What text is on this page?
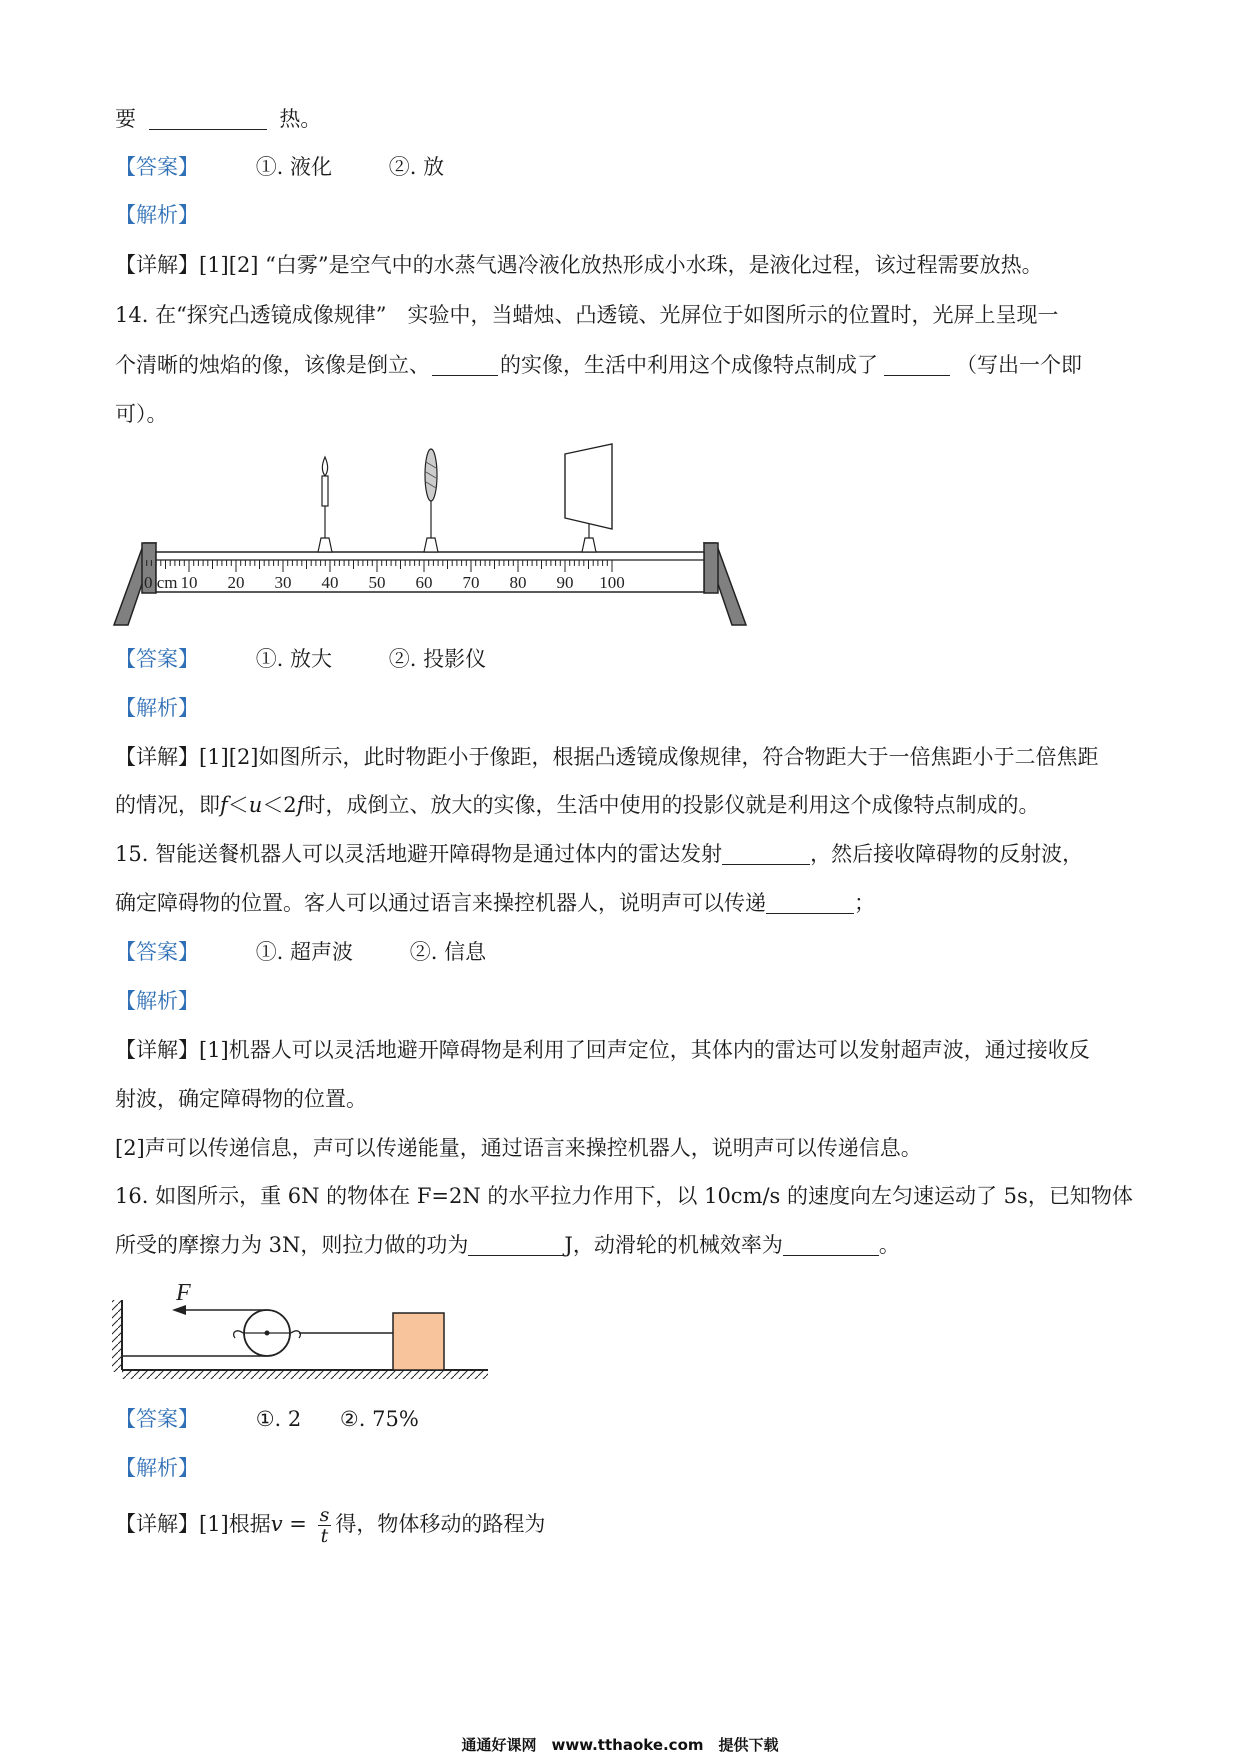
要	热。
【答案】	①. 液化	②. 放
【解析】
【详解】[1][2] “白雾”是空气中的水蒸气遇冷液化放热形成小水珠，是液化过程，该过程需要放热。
14. 在“探究凸透镜成像规律”　实验中，当蜡烛、凸透镜、光屏位于如图所示的位置时，光屏上呈现一
个清晰的烛焰的像，该像是倒立、	的实像，生活中利用这个成像特点制成了	（写出一个即
可）。
0 cm 10 20 30 40 50 60 70 80 90 100
【答案】	①. 放大	②. 投影仪
【解析】
【详解】[1][2]如图所示，此时物距小于像距，根据凸透镜成像规律，符合物距大于一倍焦距小于二倍焦距
的情况，即f＜u＜2f时，成倒立、放大的实像，生活中使用的投影仪就是利用这个成像特点制成的。
15. 智能送餐机器人可以灵活地避开障碍物是通过体内的雷达发射	，然后接收障碍物的反射波，
确定障碍物的位置。客人可以通过语言来操控机器人，说明声可以传递	；
【答案】	①. 超声波	②. 信息
【解析】
【详解】[1]机器人可以灵活地避开障碍物是利用了回声定位，其体内的雷达可以发射超声波，通过接收反
射波，确定障碍物的位置。
[2]声可以传递信息，声可以传递能量，通过语言来操控机器人，说明声可以传递信息。
16. 如图所示，重 6N 的物体在 F=2N 的水平拉力作用下，以 10cm/s 的速度向左匀速运动了 5s，已知物体
所受的摩擦力为 3N，则拉力做的功为	J，动滑轮的机械效率为	。
F
【答案】	①. 2 ②. 75%
【解析】
【详解】[1]根据$v = \frac{s}{t}$ 得，物体移动的路程为
通通好课网　www.tthaoke.com　提供下载
